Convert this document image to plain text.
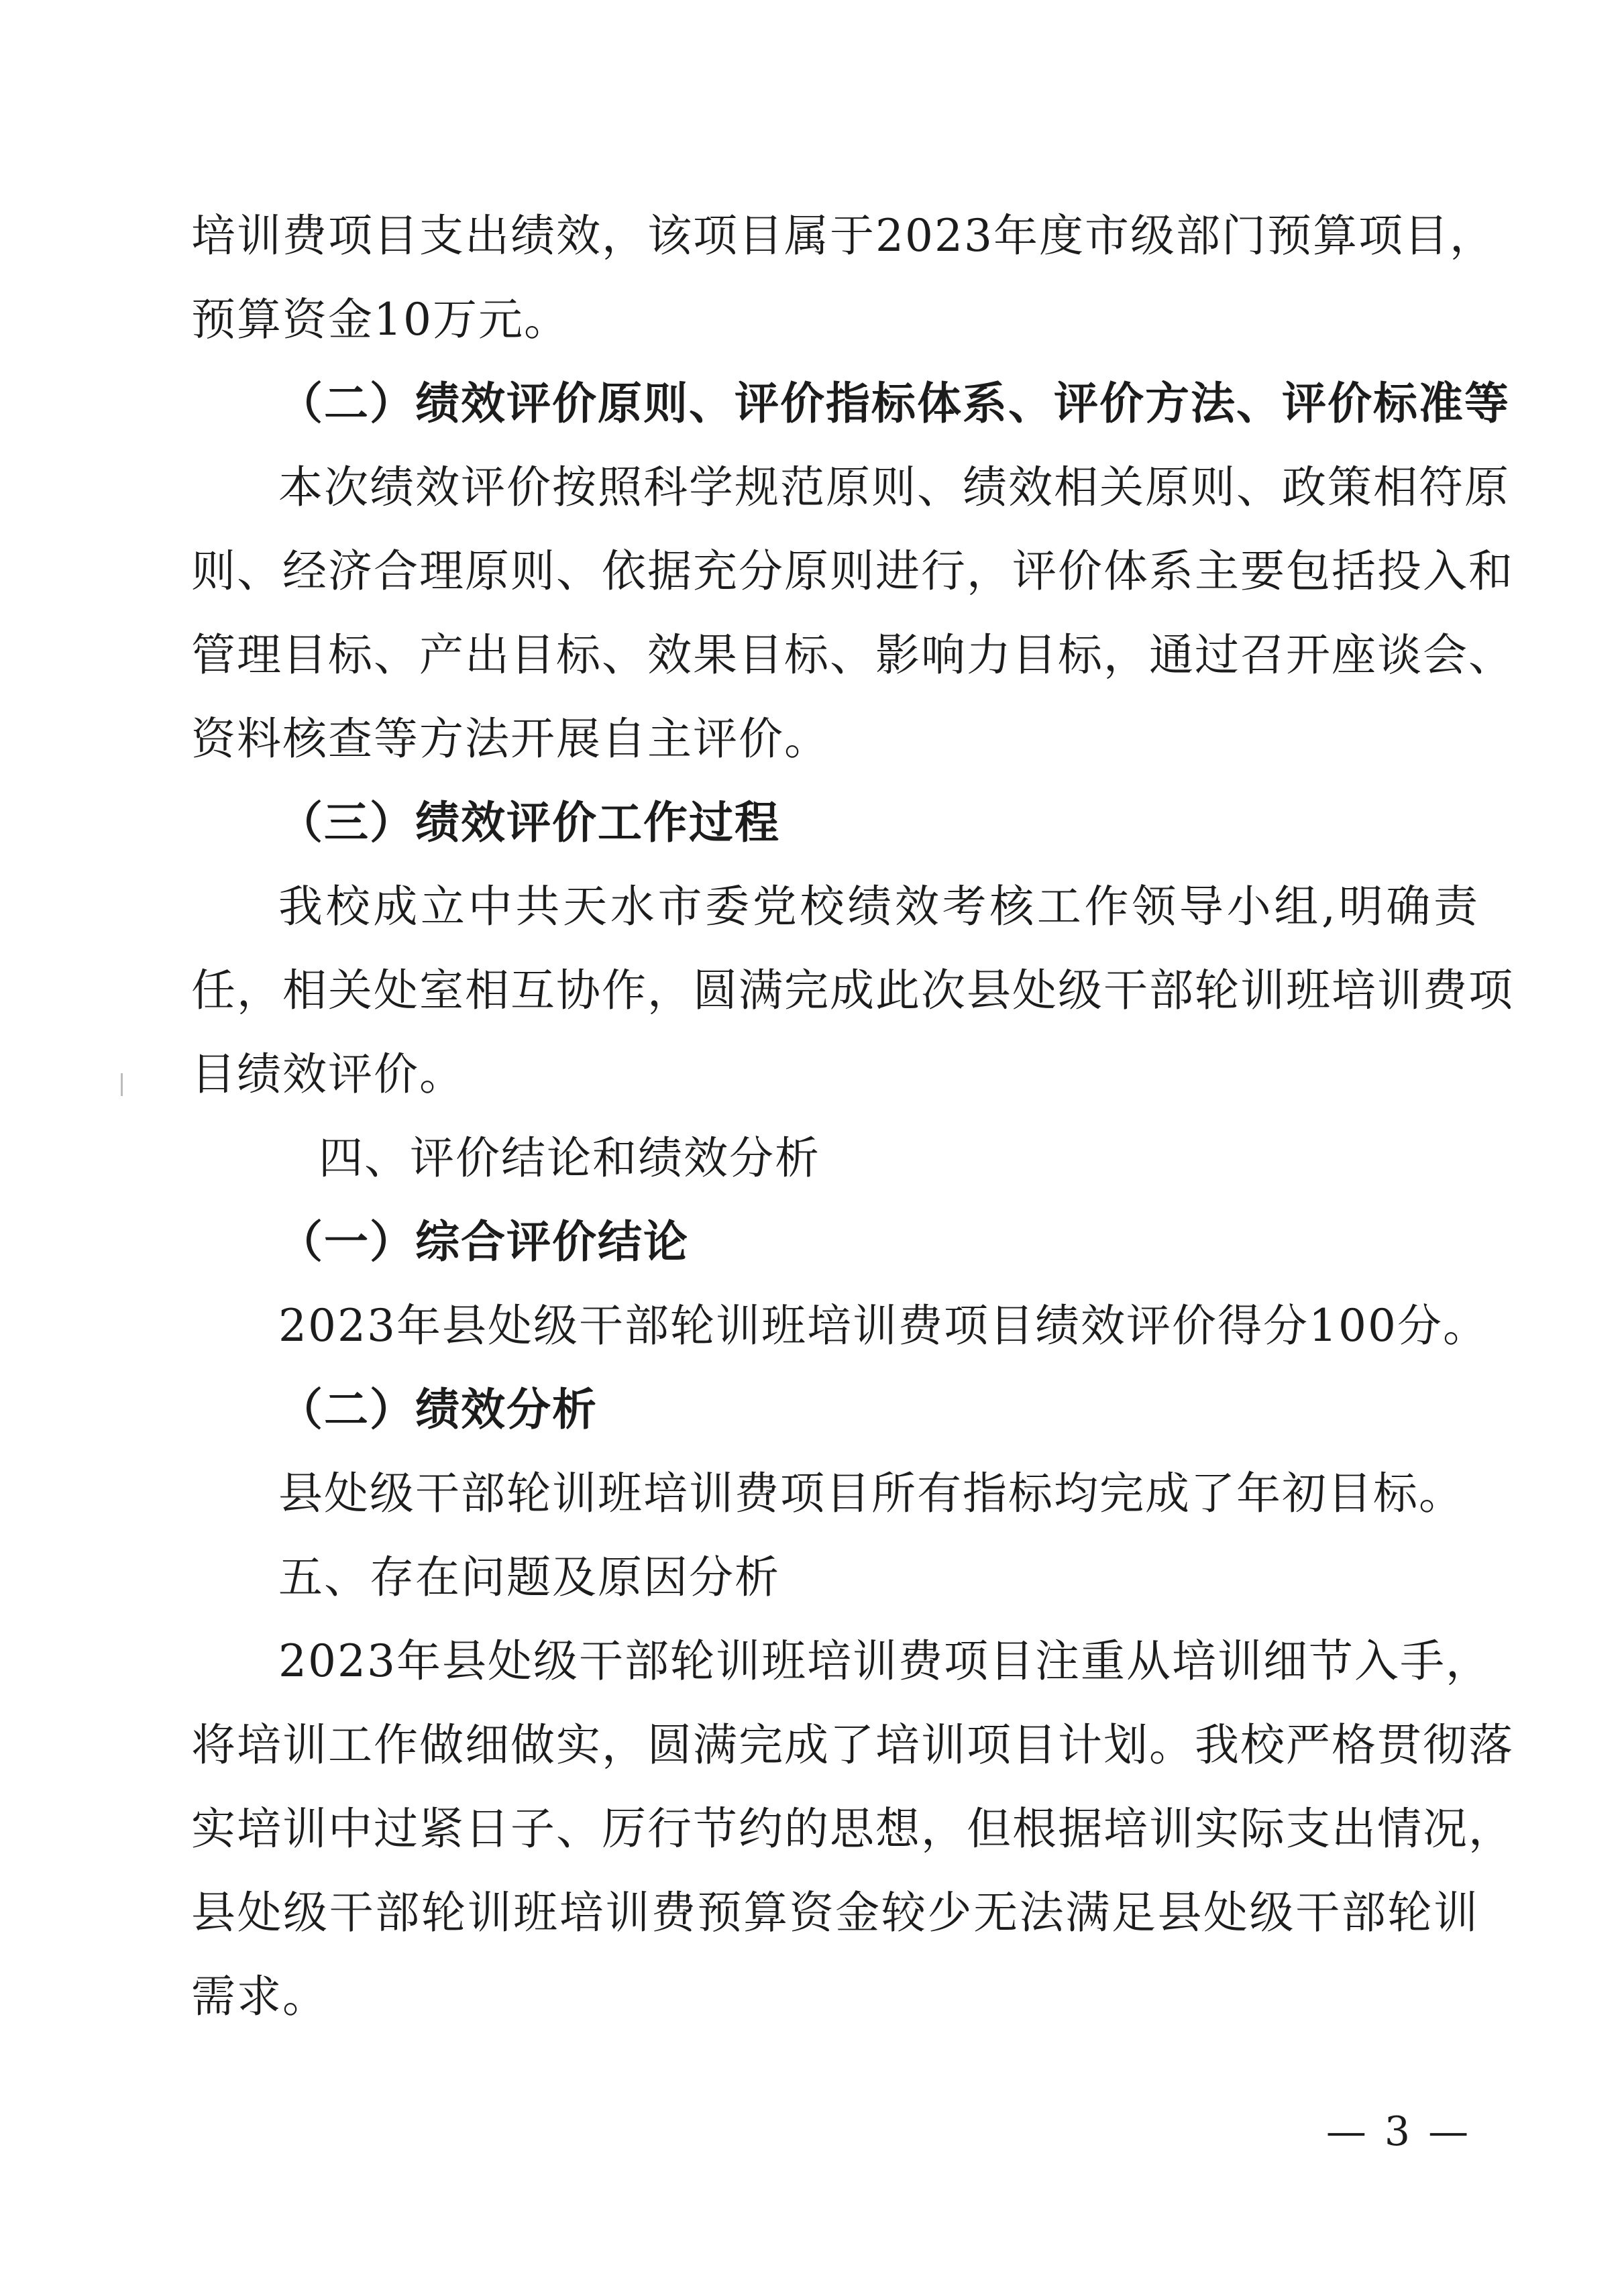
培训费项目支出绩效，该项目属于2023年度市级部门预算项目，
预算资金10万元。
（二）绩效评价原则、评价指标体系、评价方法、评价标准等
本次绩效评价按照科学规范原则、绩效相关原则、政策相符原
则、经济合理原则、依据充分原则进行，评价体系主要包括投入和
管理目标、产出目标、效果目标、影响力目标，通过召开座谈会、
资料核查等方法开展自主评价。
（三）绩效评价工作过程
我校成立中共天水市委党校绩效考核工作领导小组,明确责
任，相关处室相互协作，圆满完成此次县处级干部轮训班培训费项
目绩效评价。
四、评价结论和绩效分析
（一）综合评价结论
2023年县处级干部轮训班培训费项目绩效评价得分100分。
（二）绩效分析
县处级干部轮训班培训费项目所有指标均完成了年初目标。
五、存在问题及原因分析
2023年县处级干部轮训班培训费项目注重从培训细节入手，
将培训工作做细做实，圆满完成了培训项目计划。我校严格贯彻落
实培训中过紧日子、厉行节约的思想，但根据培训实际支出情况，
县处级干部轮训班培训费预算资金较少无法满足县处级干部轮训
需求。
— 3 —
